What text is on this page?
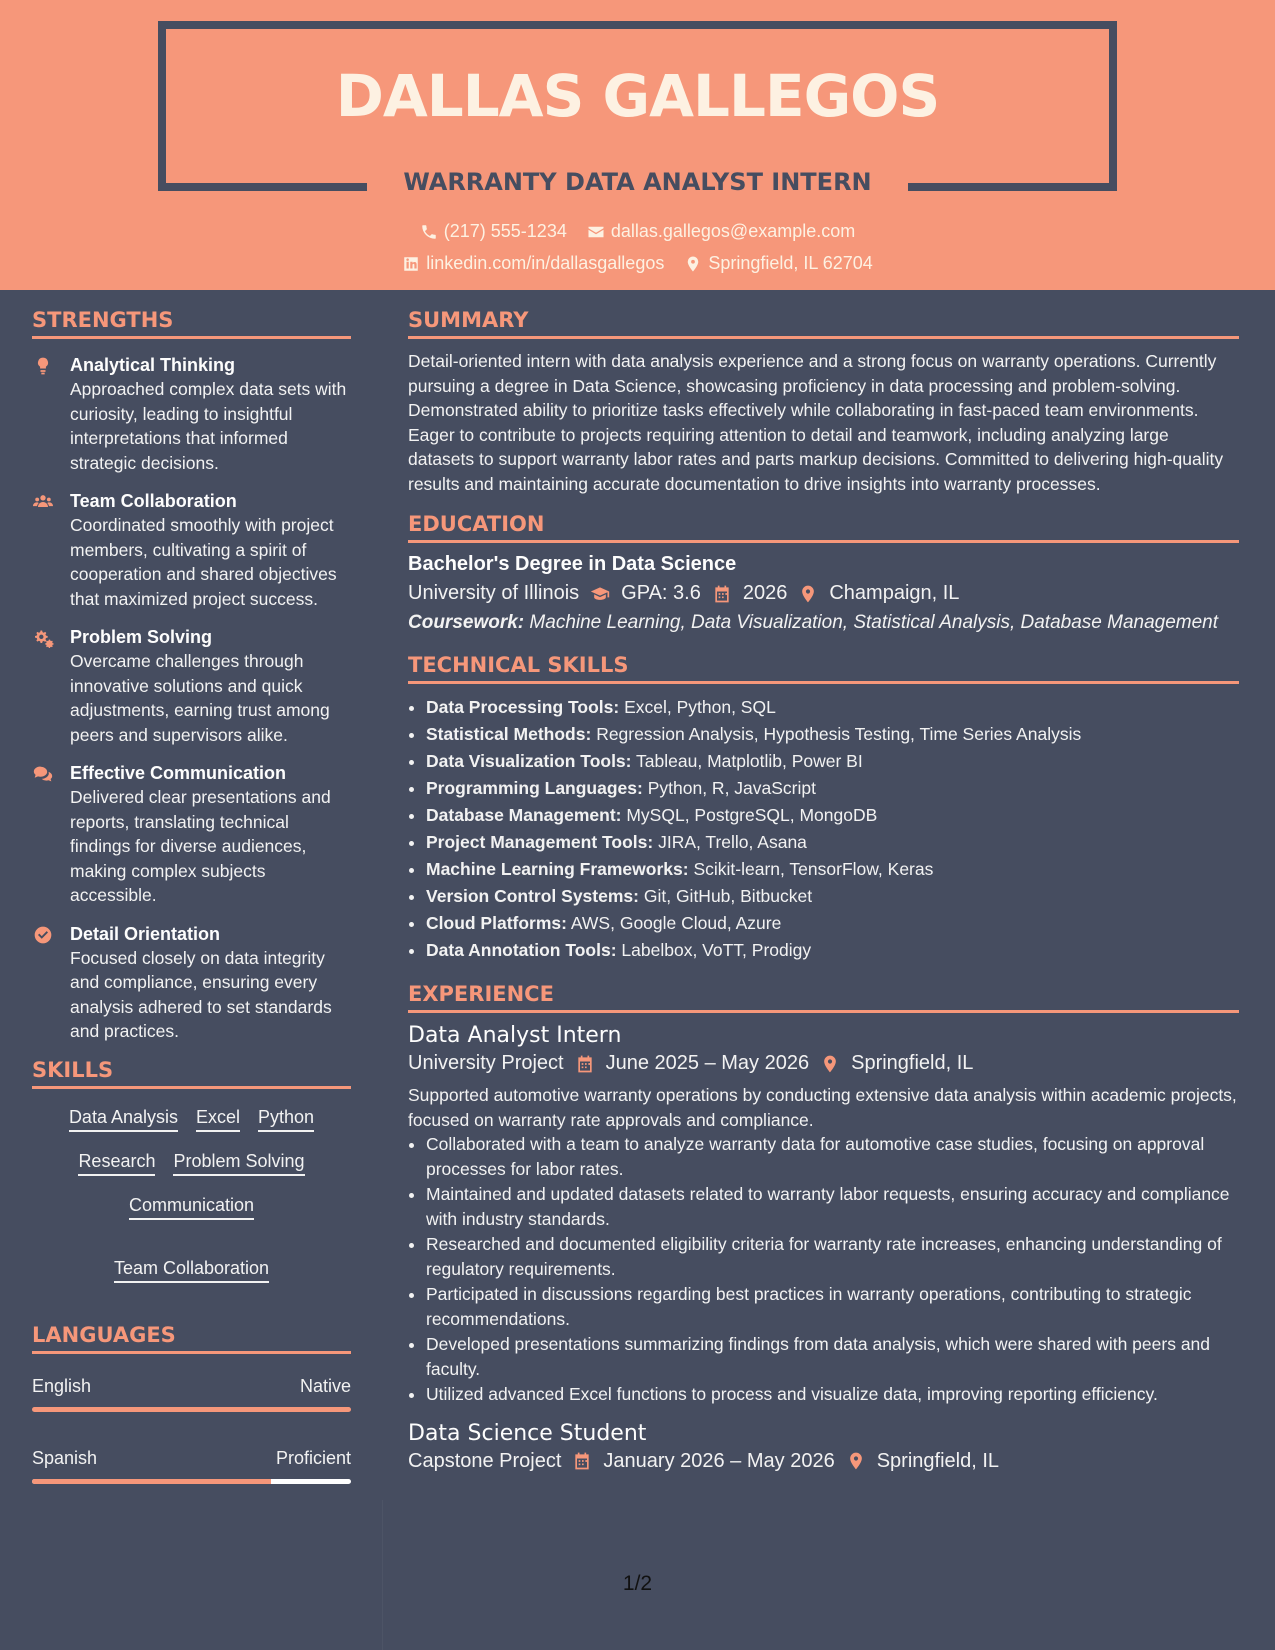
DALLAS GALLEGOS
WARRANTY DATA ANALYST INTERN
(217) 555-1234 dallas.gallegos@example.com
linkedin.com/in/dallasgallegos Springfield, IL 62704
STRENGTHS
Analytical Thinking
Approached complex data sets with curiosity, leading to insightful interpretations that informed strategic decisions.
Team Collaboration
Coordinated smoothly with project members, cultivating a spirit of cooperation and shared objectives that maximized project success.
Problem Solving
Overcame challenges through innovative solutions and quick adjustments, earning trust among peers and supervisors alike.
Effective Communication
Delivered clear presentations and reports, translating technical findings for diverse audiences, making complex subjects accessible.
Detail Orientation
Focused closely on data integrity and compliance, ensuring every analysis adhered to set standards and practices.
SKILLS
Data Analysis Excel Python
Research Problem Solving
Communication
Team Collaboration
LANGUAGES
English	Native
Spanish	Proficient
SUMMARY
Detail-oriented intern with data analysis experience and a strong focus on warranty operations. Currently pursuing a degree in Data Science, showcasing proficiency in data processing and problem-solving. Demonstrated ability to prioritize tasks effectively while collaborating in fast-paced team environments. Eager to contribute to projects requiring attention to detail and teamwork, including analyzing large datasets to support warranty labor rates and parts markup decisions. Committed to delivering high-quality results and maintaining accurate documentation to drive insights into warranty processes.
EDUCATION
Bachelor's Degree in Data Science
University of Illinois GPA: 3.6 2026 Champaign, IL
Coursework: Machine Learning, Data Visualization, Statistical Analysis, Database Management
TECHNICAL SKILLS
• Data Processing Tools: Excel, Python, SQL
• Statistical Methods: Regression Analysis, Hypothesis Testing, Time Series Analysis
• Data Visualization Tools: Tableau, Matplotlib, Power BI
• Programming Languages: Python, R, JavaScript
• Database Management: MySQL, PostgreSQL, MongoDB
• Project Management Tools: JIRA, Trello, Asana
• Machine Learning Frameworks: Scikit-learn, TensorFlow, Keras
• Version Control Systems: Git, GitHub, Bitbucket
• Cloud Platforms: AWS, Google Cloud, Azure
• Data Annotation Tools: Labelbox, VoTT, Prodigy
EXPERIENCE
Data Analyst Intern
University Project June 2025 – May 2026 Springfield, IL
Supported automotive warranty operations by conducting extensive data analysis within academic projects, focused on warranty rate approvals and compliance.
• Collaborated with a team to analyze warranty data for automotive case studies, focusing on approval processes for labor rates.
• Maintained and updated datasets related to warranty labor requests, ensuring accuracy and compliance with industry standards.
• Researched and documented eligibility criteria for warranty rate increases, enhancing understanding of regulatory requirements.
• Participated in discussions regarding best practices in warranty operations, contributing to strategic recommendations.
• Developed presentations summarizing findings from data analysis, which were shared with peers and faculty.
• Utilized advanced Excel functions to process and visualize data, improving reporting efficiency.
Data Science Student
Capstone Project January 2026 – May 2026 Springfield, IL
1/2
